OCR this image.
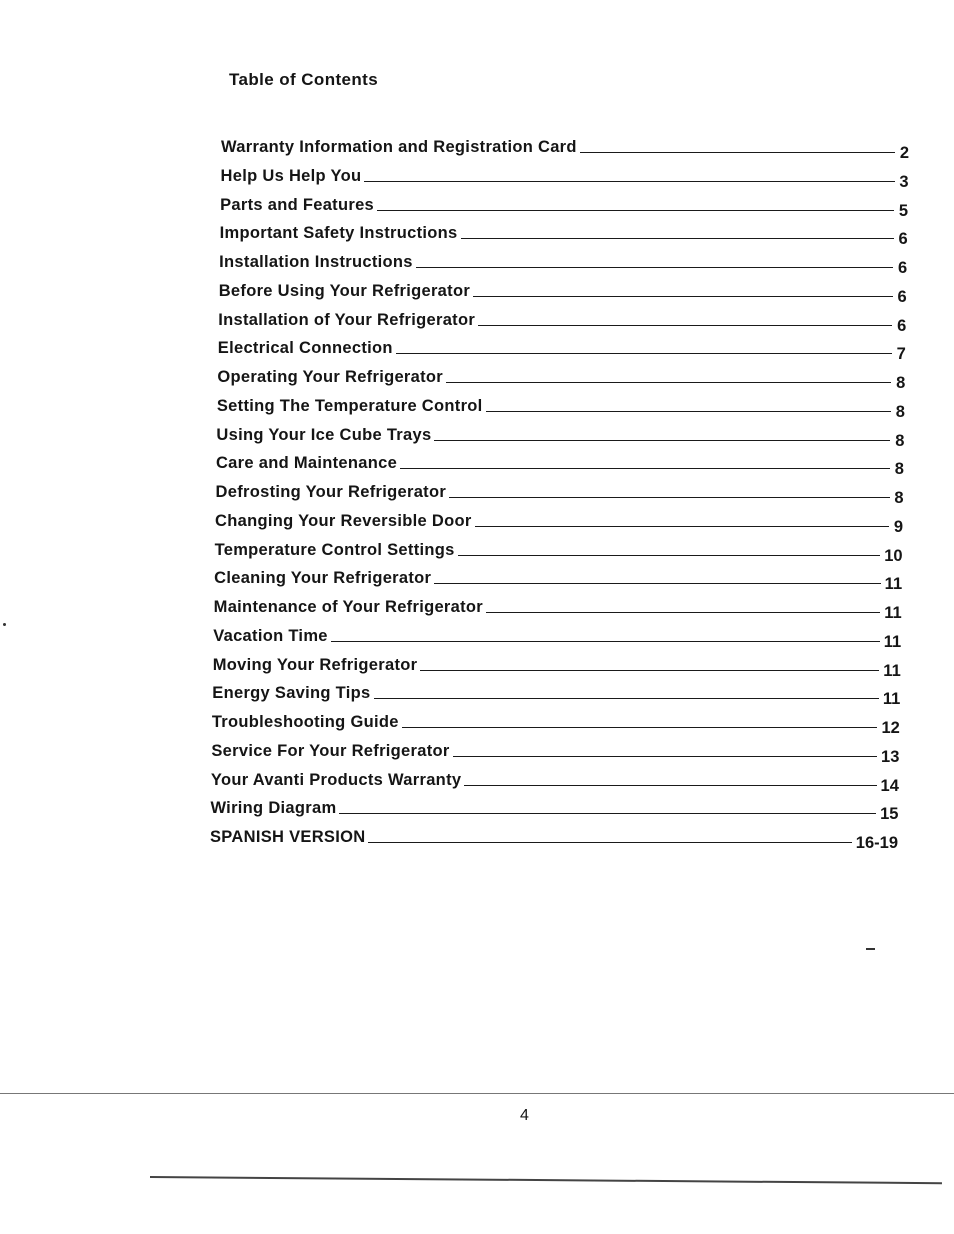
Table of Contents
Warranty Information and Registration Card	2
Help Us Help You	3
Parts and Features	5
Important Safety Instructions	6
Installation Instructions	6
Before Using Your Refrigerator	6
Installation of Your Refrigerator	6
Electrical Connection	7
Operating Your Refrigerator	8
Setting The Temperature Control	8
Using Your Ice Cube Trays	8
Care and Maintenance	8
Defrosting Your Refrigerator	8
Changing Your Reversible Door	9
Temperature Control Settings	10
Cleaning Your Refrigerator	11
Maintenance of Your Refrigerator	11
Vacation Time	11
Moving Your Refrigerator	11
Energy Saving Tips	11
Troubleshooting Guide	12
Service For Your Refrigerator	13
Your Avanti Products Warranty	14
Wiring Diagram	15
SPANISH VERSION	16-19
4
